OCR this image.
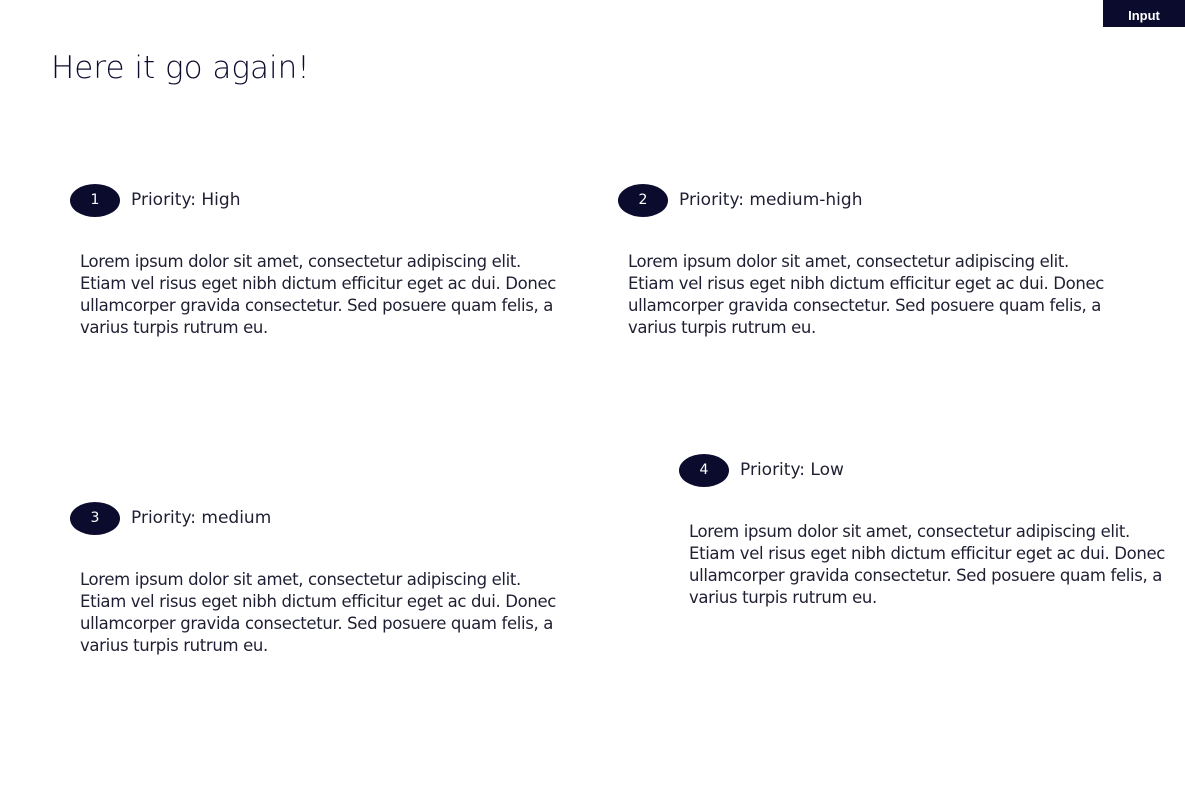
Input
Here it go again!
1	Priority: High

Lorem ipsum dolor sit amet, consectetur adipiscing elit. Etiam vel risus eget nibh dictum efficitur eget ac dui. Donec ullamcorper gravida consectetur. Sed posuere quam felis, a varius turpis rutrum eu.

2	Priority: medium-high

Lorem ipsum dolor sit amet, consectetur adipiscing elit. Etiam vel risus eget nibh dictum efficitur eget ac dui. Donec ullamcorper gravida consectetur. Sed posuere quam felis, a varius turpis rutrum eu.

3	Priority: medium

Lorem ipsum dolor sit amet, consectetur adipiscing elit. Etiam vel risus eget nibh dictum efficitur eget ac dui. Donec ullamcorper gravida consectetur. Sed posuere quam felis, a varius turpis rutrum eu.

4	Priority: Low

Lorem ipsum dolor sit amet, consectetur adipiscing elit. Etiam vel risus eget nibh dictum efficitur eget ac dui. Donec ullamcorper gravida consectetur. Sed posuere quam felis, a varius turpis rutrum eu.
